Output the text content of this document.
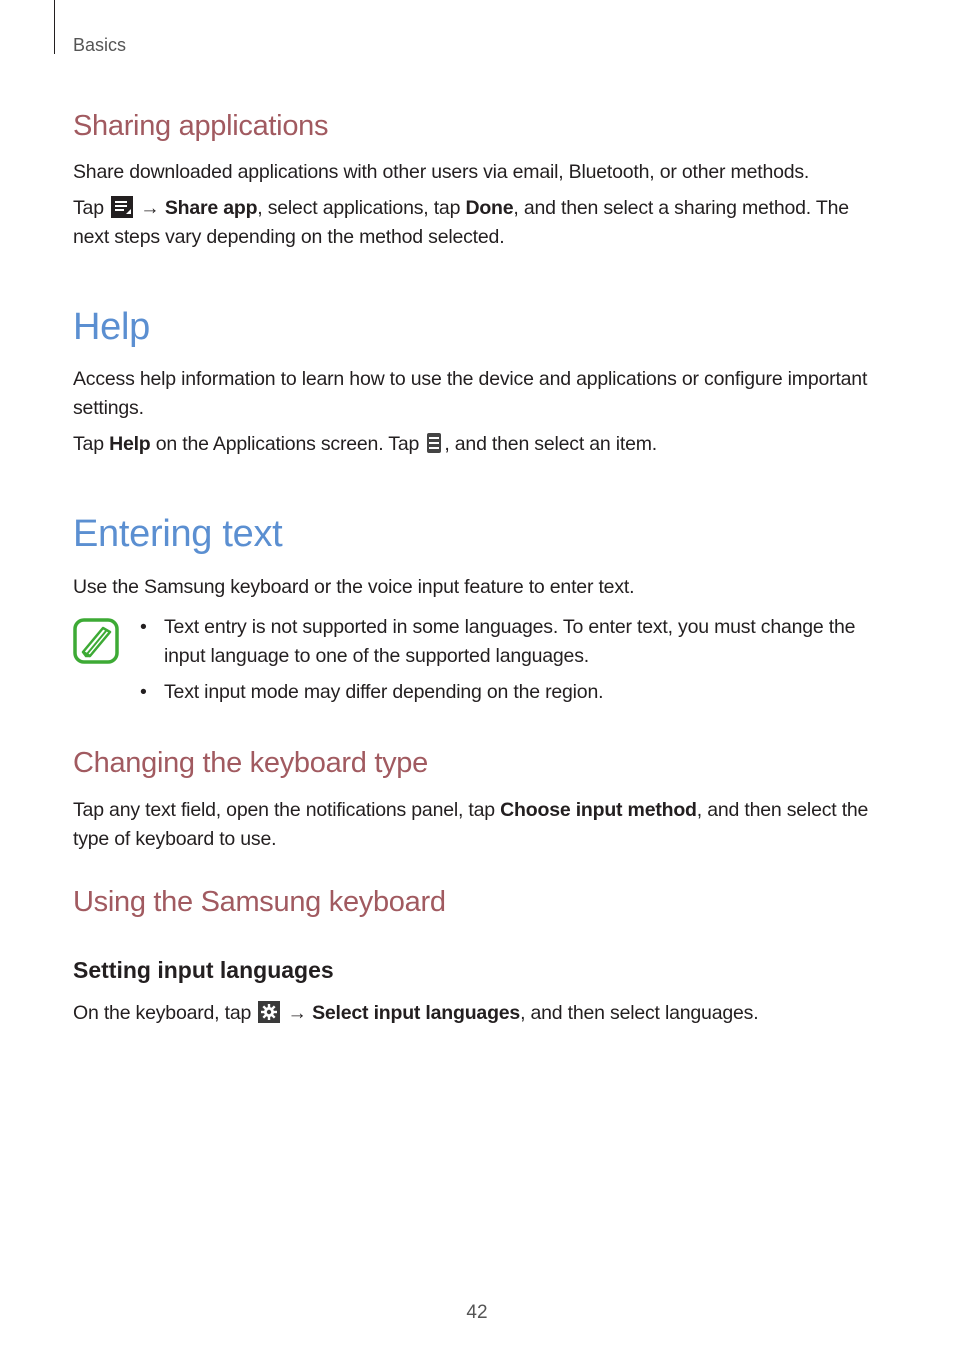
Basics
Sharing applications

Share downloaded applications with other users via email, Bluetooth, or other methods.

Tap  → Share app, select applications, tap Done, and then select a sharing method. The next steps vary depending on the method selected.

Help

Access help information to learn how to use the device and applications or configure important settings.

Tap Help on the Applications screen. Tap , and then select an item.

Entering text

Use the Samsung keyboard or the voice input feature to enter text.

• Text entry is not supported in some languages. To enter text, you must change the input language to one of the supported languages.

• Text input mode may differ depending on the region.

Changing the keyboard type

Tap any text field, open the notifications panel, tap Choose input method, and then select the type of keyboard to use.

Using the Samsung keyboard
Setting input languages

On the keyboard, tap  → Select input languages, and then select languages.

42
